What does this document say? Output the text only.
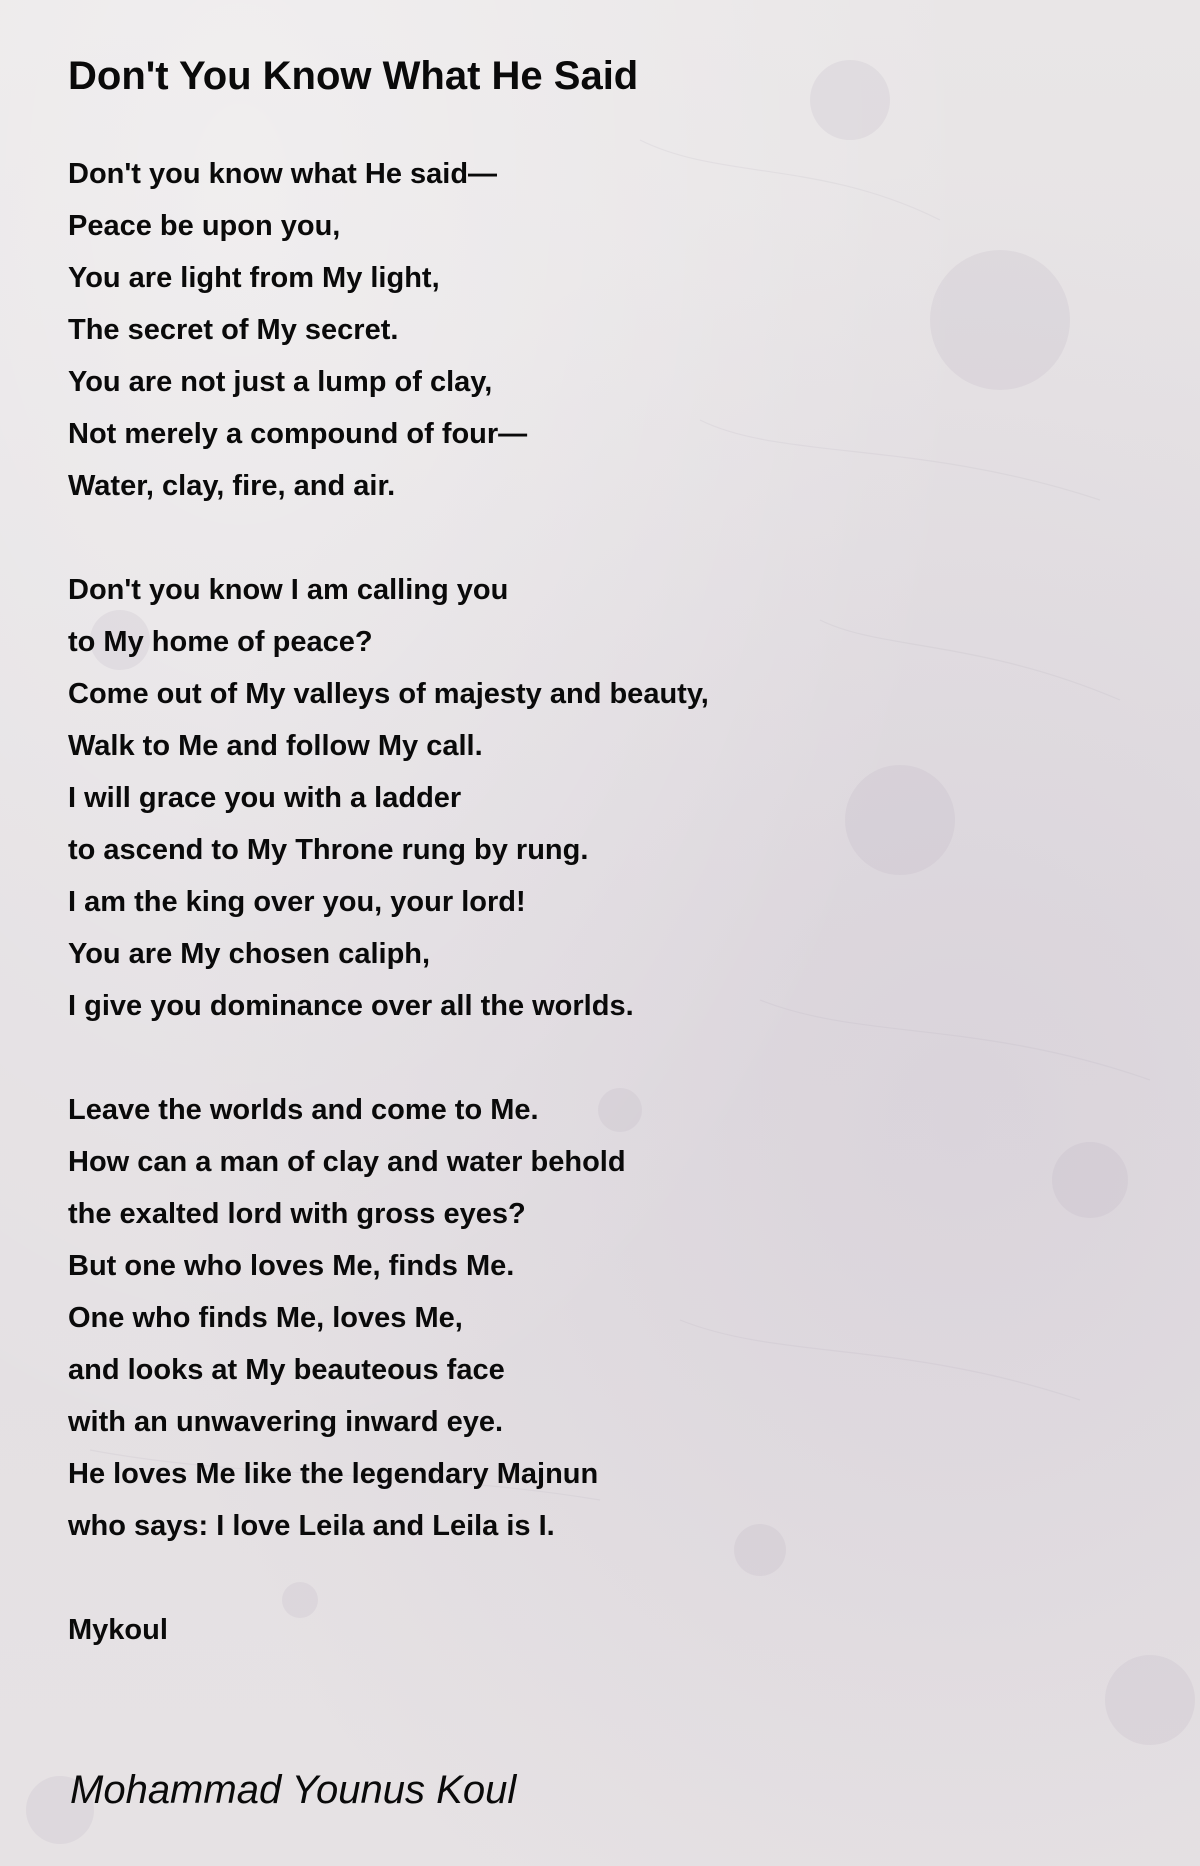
Don't You Know What He Said
Don't you know what He said—
Peace be upon you,
You are light from My light,
The secret of My secret.
You are not just a lump of clay,
Not merely a compound of four—
Water, clay, fire, and air.
Don't you know I am calling you
to My home of peace?
Come out of My valleys of majesty and beauty,
Walk to Me and follow My call.
I will grace you with a ladder
to ascend to My Throne rung by rung.
I am the king over you, your lord!
You are My chosen caliph,
I give you dominance over all the worlds.
Leave the worlds and come to Me.
How can a man of clay and water behold
the exalted lord with gross eyes?
But one who loves Me, finds Me.
One who finds Me, loves Me,
and looks at My beauteous face
with an unwavering inward eye.
He loves Me like the legendary Majnun
who says: I love Leila and Leila is I.
Mykoul
Mohammad Younus Koul
